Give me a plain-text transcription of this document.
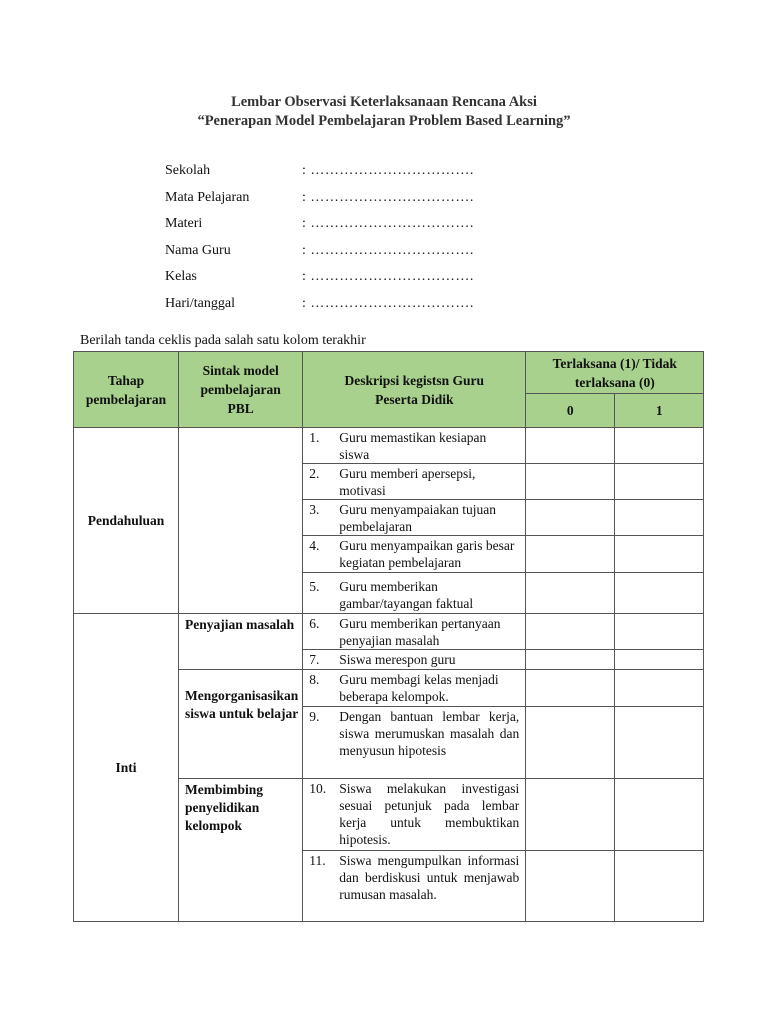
Lembar Observasi Keterlaksanaan Rencana Aksi
“Penerapan Model Pembelajaran Problem Based Learning”
Sekolah	: …………………………….
Mata Pelajaran	: …………………………….
Materi	: …………………………….
Nama Guru	: …………………………….
Kelas	: …………………………….
Hari/tanggal	: …………………………….
Berilah tanda ceklis pada salah satu kolom terakhir
Tahap pembelajaran	Sintak model pembelajaran PBL	Deskripsi kegistsn Guru Peserta Didik	Terlaksana (1)/ Tidak terlaksana (0)	
			0	1
Pendahuluan		1. Guru memastikan kesiapan siswa		

		2. Guru memberi apersepsi, motivasi		

		3. Guru menyampaiakan tujuan pembelajaran		

		4. Guru menyampaikan garis besar kegiatan pembelajaran		

		5. Guru memberikan gambar/tayangan faktual		

Inti	Penyajian masalah	6. Guru memberikan pertanyaan penyajian masalah		

		7. Siswa merespon guru		

	Mengorganisasikan siswa untuk belajar	8. Guru membagi kelas menjadi beberapa kelompok.		

		9. Dengan bantuan lembar kerja, siswa merumuskan masalah dan menyusun hipotesis		

	Membimbing penyelidikan kelompok	10. Siswa melakukan investigasi sesuai petunjuk pada lembar kerja untuk membuktikan hipotesis.		

		11. Siswa mengumpulkan informasi dan berdiskusi untuk menjawab rumusan masalah.		
